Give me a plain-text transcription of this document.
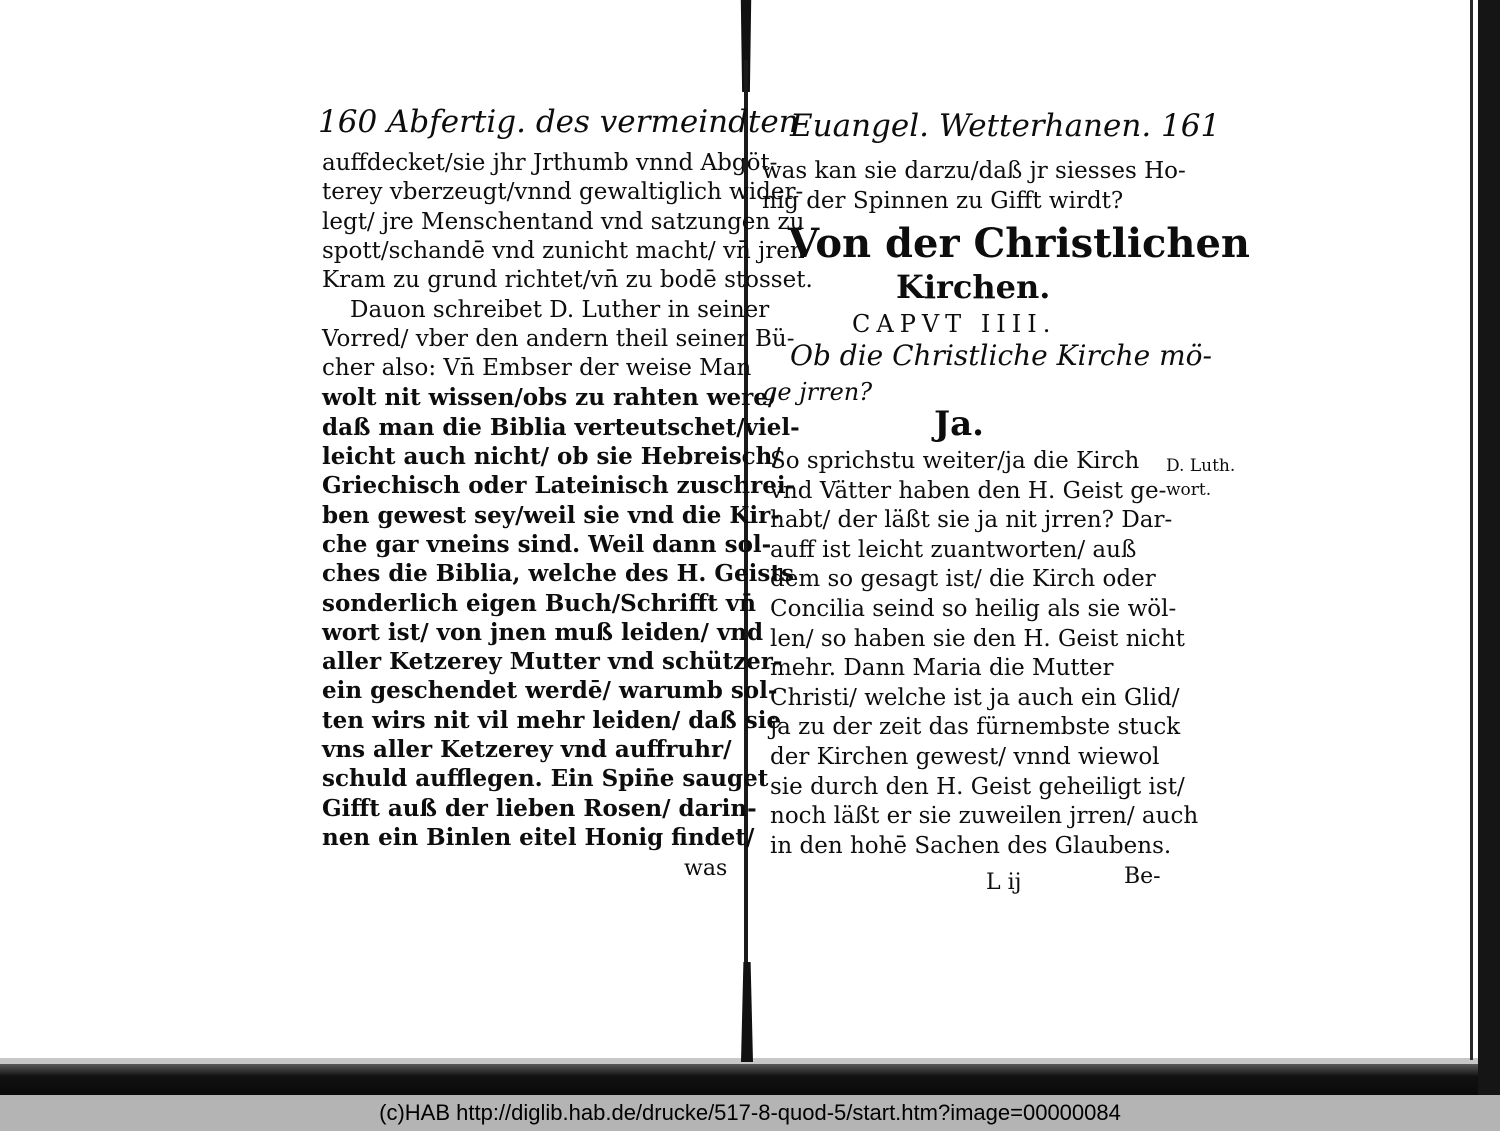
160 Abfertig. des vermeindten
auffdecket/sie jhr Jrthumb vnnd Abgöt-
terey vberzeugt/vnnd gewaltiglich wider-
legt/ jre Menschentand vnd satzungen zu
spott/schandē vnd zunicht macht/ vn̄ jren
Kram zu grund richtet/vn̄ zu bodē stosset.
Dauon schreibet D. Luther in seiner
Vorred/ vber den andern theil seiner Bü-
cher also: Vn̄ Embser der weise Man
wolt nit wissen/obs zu rahten were/
daß man die Biblia verteutschet/viel-
leicht auch nicht/ ob sie Hebreisch/
Griechisch oder Lateinisch zuschrei-
ben gewest sey/weil sie vnd die Kir-
che gar vneins sind. Weil dann sol-
ches die Biblia, welche des H. Geists
sonderlich eigen Buch/Schrifft vn̄
wort ist/ von jnen muß leiden/ vnd
aller Ketzerey Mutter vnd schützer-
ein geschendet werdē/ warumb sol-
ten wirs nit vil mehr leiden/ daß sie
vns aller Ketzerey vnd auffruhr/
schuld aufflegen. Ein Spin̄e sauget
Gifft auß der lieben Rosen/ darin-
nen ein Binlen eitel Honig findet/
was
Euangel. Wetterhanen. 161
was kan sie darzu/daß jr siesses Ho-
nig der Spinnen zu Gifft wirdt?
Von der Christlichen
Kirchen.
CAPVT IIII.
Ob die Christliche Kirche mö-
ge jrren?
Ja.
So sprichstu weiter/ja die Kirch
vnd Vätter haben den H. Geist ge-
habt/ der läßt sie ja nit jrren? Dar-
auff ist leicht zuantworten/ auß
dem so gesagt ist/ die Kirch oder
Concilia seind so heilig als sie wöl-
len/ so haben sie den H. Geist nicht
mehr. Dann Maria die Mutter
Christi/ welche ist ja auch ein Glid/
ja zu der zeit das fürnembste stuck
der Kirchen gewest/ vnnd wiewol
sie durch den H. Geist geheiligt ist/
noch läßt er sie zuweilen jrren/ auch
in den hohē Sachen des Glaubens.
D. Luth.
wort.
L ij	Be-
(c)HAB http://diglib.hab.de/drucke/517-8-quod-5/start.htm?image=00000084
